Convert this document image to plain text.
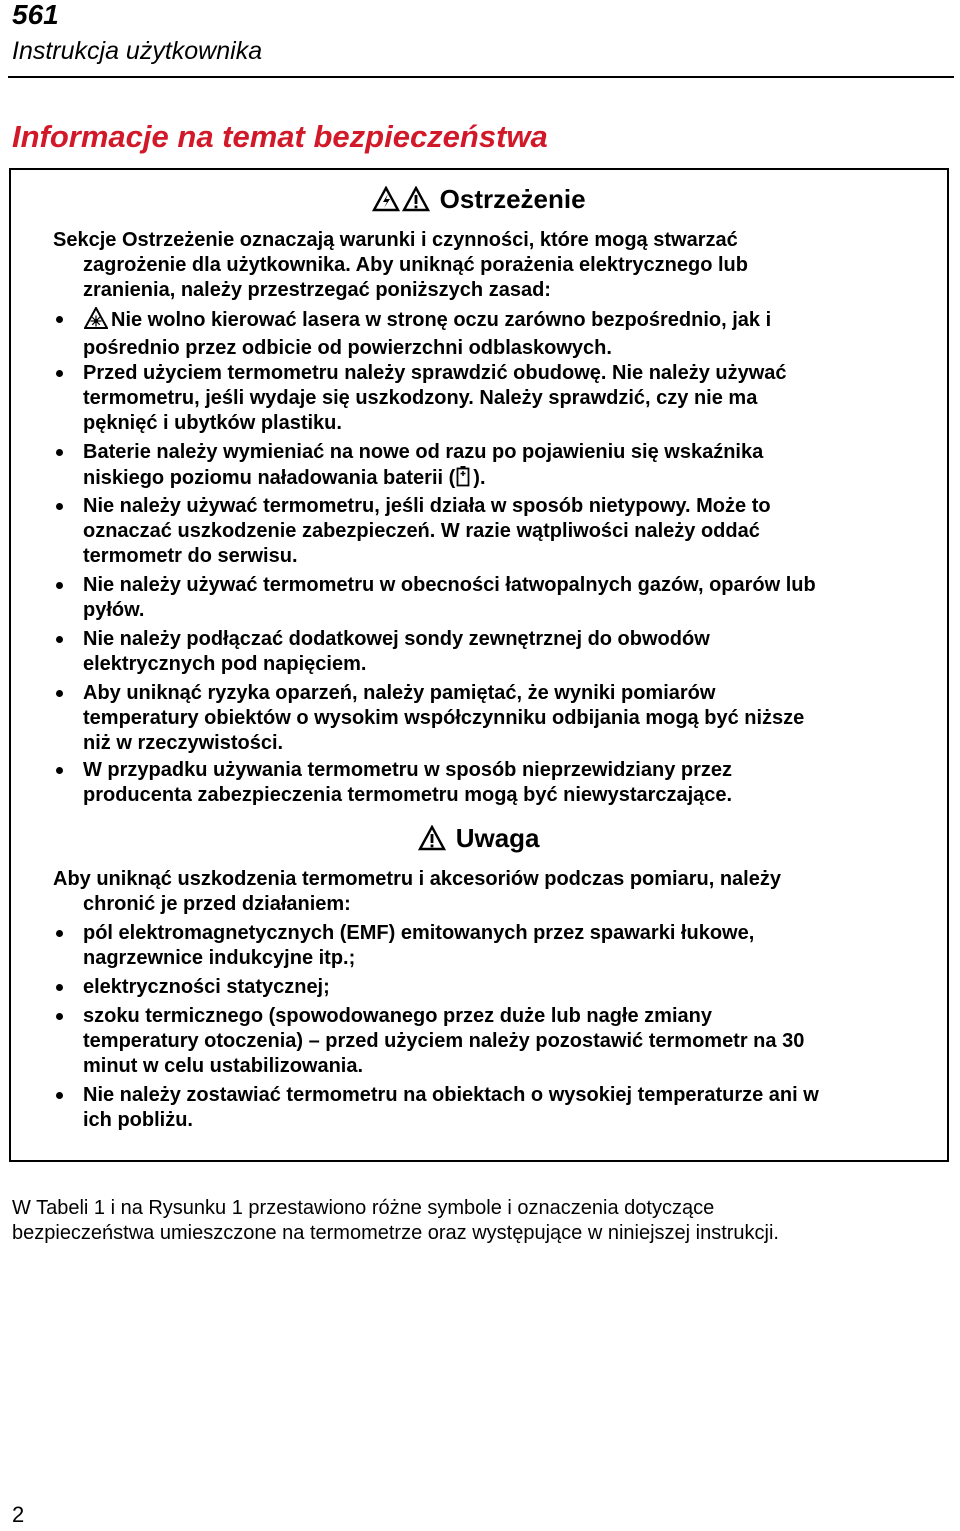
561
Instrukcja użytkownika
Informacje na temat bezpieczeństwa
Ostrzeżenie
Sekcje Ostrzeżenie oznaczają warunki i czynności, które mogą stwarzać
zagrożenie dla użytkownika. Aby uniknąć porażenia elektrycznego lub
zranienia, należy przestrzegać poniższych zasad:
Nie wolno kierować lasera w stronę oczu zarówno bezpośrednio, jak i
pośrednio przez odbicie od powierzchni odblaskowych.
Przed użyciem termometru należy sprawdzić obudowę. Nie należy używać
termometru, jeśli wydaje się uszkodzony. Należy sprawdzić, czy nie ma
pęknięć i ubytków plastiku.
Baterie należy wymieniać na nowe od razu po pojawieniu się wskaźnika
niskiego poziomu naładowania baterii ( ).
Nie należy używać termometru, jeśli działa w sposób nietypowy. Może to
oznaczać uszkodzenie zabezpieczeń. W razie wątpliwości należy oddać
termometr do serwisu.
Nie należy używać termometru w obecności łatwopalnych gazów, oparów lub
pyłów.
Nie należy podłączać dodatkowej sondy zewnętrznej do obwodów
elektrycznych pod napięciem.
Aby uniknąć ryzyka oparzeń, należy pamiętać, że wyniki pomiarów
temperatury obiektów o wysokim współczynniku odbijania mogą być niższe
niż w rzeczywistości.
W przypadku używania termometru w sposób nieprzewidziany przez
producenta zabezpieczenia termometru mogą być niewystarczające.
Uwaga
Aby uniknąć uszkodzenia termometru i akcesoriów podczas pomiaru, należy
chronić je przed działaniem:
pól elektromagnetycznych (EMF) emitowanych przez spawarki łukowe,
nagrzewnice indukcyjne itp.;
elektryczności statycznej;
szoku termicznego (spowodowanego przez duże lub nagłe zmiany
temperatury otoczenia) – przed użyciem należy pozostawić termometr na 30
minut w celu ustabilizowania.
Nie należy zostawiać termometru na obiektach o wysokiej temperaturze ani w
ich pobliżu.
W Tabeli 1 i na Rysunku 1 przestawiono różne symbole i oznaczenia dotyczące
bezpieczeństwa umieszczone na termometrze oraz występujące w niniejszej instrukcji.
2
